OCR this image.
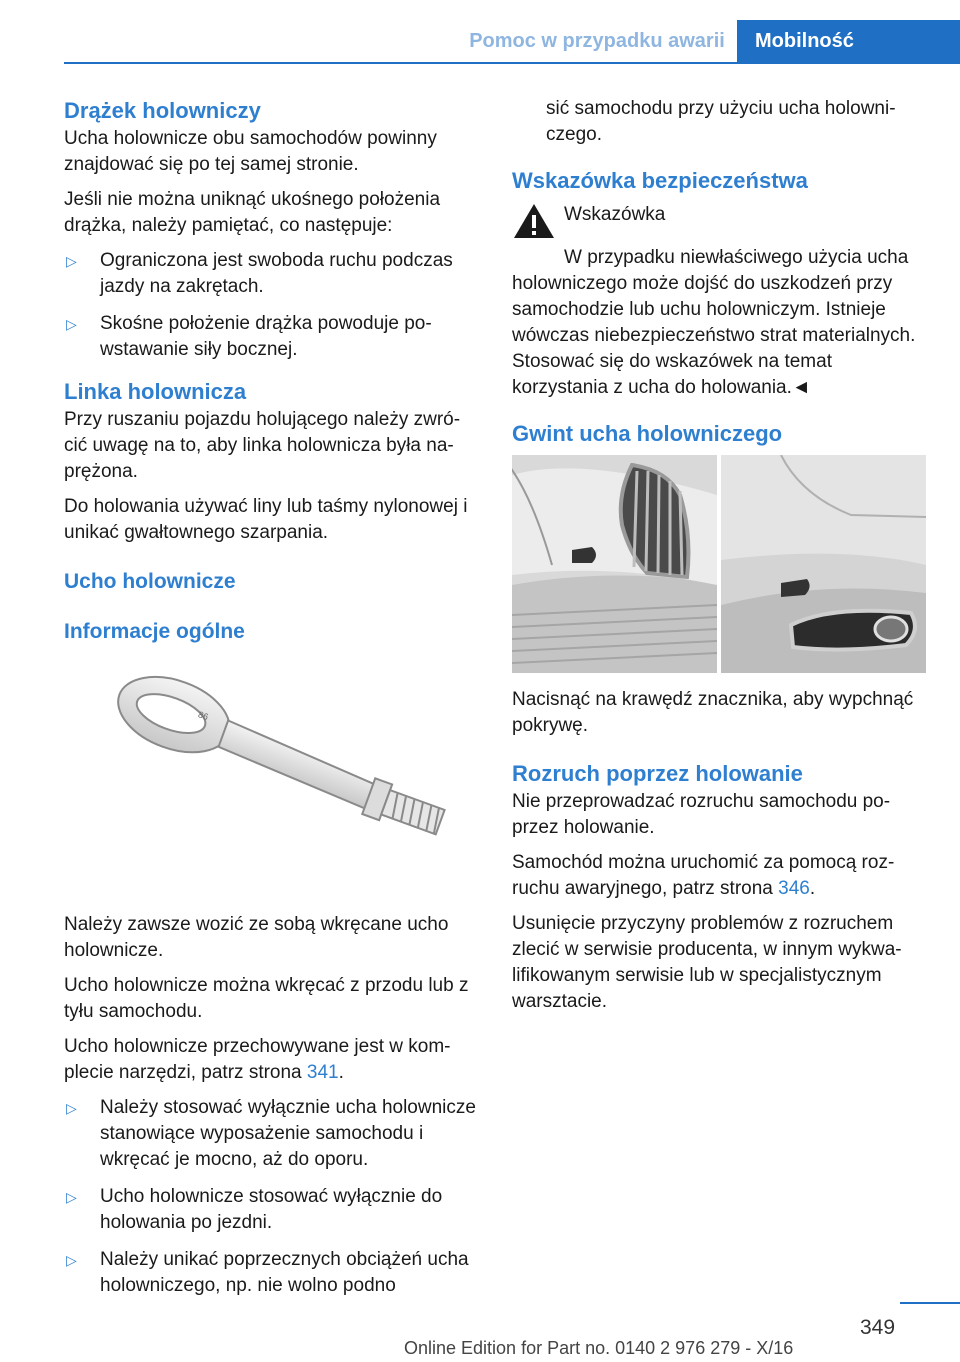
Pomoc w przypadku awarii	Mobilność
Drążek holowniczy

Ucha holownicze obu samochodów powinny znajdować się po tej samej stronie.

Jeśli nie można uniknąć ukośnego położenia drążka, należy pamiętać, co następuje:

▷ Ograniczona jest swoboda ruchu podczas jazdy na zakrętach.
▷ Skośne położenie drążka powoduje powstawanie siły bocznej.
Linka holownicza

Przy ruszaniu pojazdu holującego należy zwrócić uwagę na to, aby linka holownicza była naprężona.

Do holowania używać liny lub taśmy nylonowej i unikać gwałtownego szarpania.

Ucho holownicze
Informacje ogólne
86

Należy zawsze wozić ze sobą wkręcane ucho holownicze.

Ucho holownicze można wkręcać z przodu lub z tyłu samochodu.

Ucho holownicze przechowywane jest w komplecie narzędzi, patrz strona 341.

▷ Należy stosować wyłącznie ucha holownicze stanowiące wyposażenie samochodu i wkręcać je mocno, aż do oporu.
▷ Ucho holownicze stosować wyłącznie do holowania po jezdni.
▷ Należy unikać poprzecznych obciążeń ucha holowniczego, np. nie wolno podno

sić samochodu przy użyciu ucha holowniczego.

Wskazówka bezpieczeństwa
Wskazówka

W przypadku niewłaściwego użycia ucha holowniczego może dojść do uszkodzeń przy samochodzie lub uchu holowniczym. Istnieje wówczas niebezpieczeństwo strat materialnych. Stosować się do wskazówek na temat korzystania z ucha do holowania.◄

Gwint ucha holowniczego

Nacisnąć na krawędź znacznika, aby wypchnąć pokrywę.

Rozruch poprzez holowanie

Nie przeprowadzać rozruchu samochodu poprzez holowanie.

Samochód można uruchomić za pomocą rozruchu awaryjnego, patrz strona 346.

Usunięcie przyczyny problemów z rozruchem zlecić w serwisie producenta, w innym wykwalifikowanym serwisie lub w specjalistycznym warsztacie.

349
Online Edition for Part no. 0140 2 976 279 - X/16
